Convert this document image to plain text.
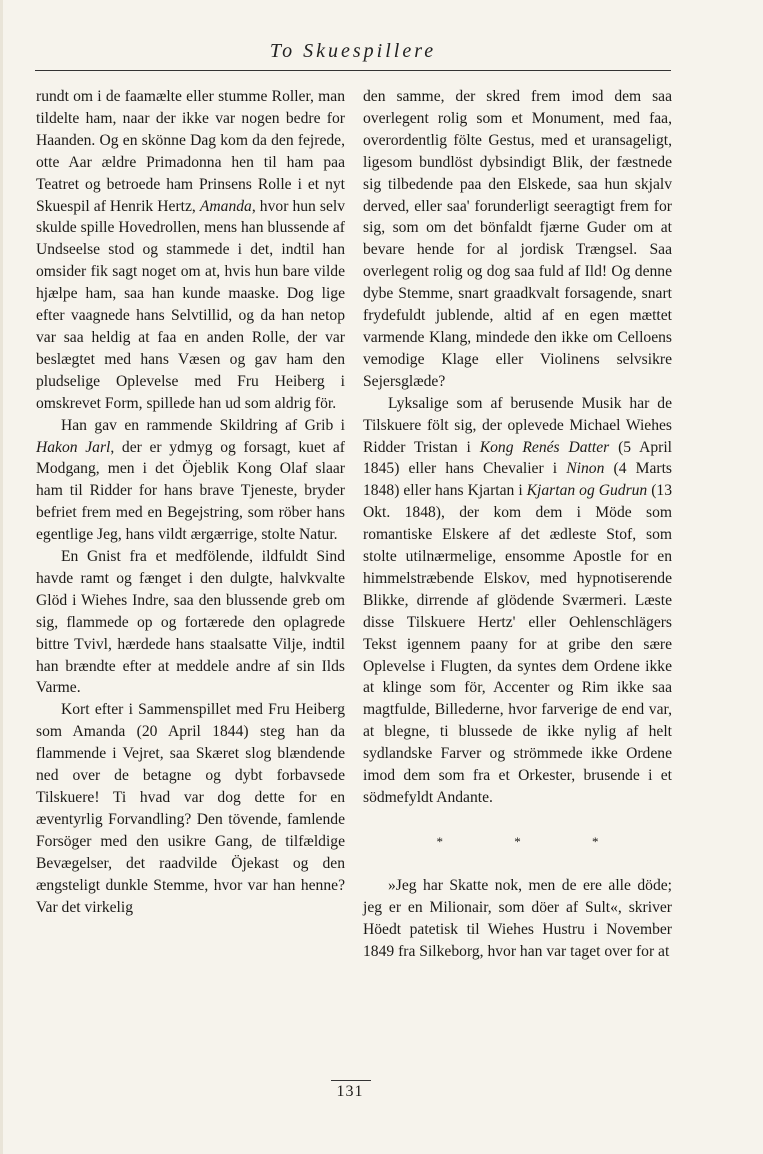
To Skuespillere

rundt om i de faamælte eller stumme Roller, man tildelte ham, naar der ikke var nogen bedre for Haanden. Og en skönne Dag kom da den fejrede, otte Aar ældre Primadonna hen til ham paa Teatret og betroede ham Prinsens Rolle i et nyt Skuespil af Henrik Hertz, Amanda, hvor hun selv skulde spille Hovedrollen, mens han blussende af Undseelse stod og stammede i det, indtil han omsider fik sagt noget om at, hvis hun bare vilde hjælpe ham, saa han kunde maaske. Dog lige efter vaagnede hans Selvtillid, og da han netop var saa heldig at faa en anden Rolle, der var beslægtet med hans Væsen og gav ham den pludselige Oplevelse med Fru Heiberg i omskrevet Form, spillede han ud som aldrig för.

Han gav en rammende Skildring af Grib i Hakon Jarl, der er ydmyg og forsagt, kuet af Modgang, men i det Öjeblik Kong Olaf slaar ham til Ridder for hans brave Tjeneste, bryder befriet frem med en Begejstring, som röber hans egentlige Jeg, hans vildt ærgærrige, stolte Natur.

En Gnist fra et medfölende, ildfuldt Sind havde ramt og fænget i den dulgte, halvkvalte Glöd i Wiehes Indre, saa den blussende greb om sig, flammede op og fortærede den oplagrede bittre Tvivl, hærdede hans staalsatte Vilje, indtil han brændte efter at meddele andre af sin Ilds Varme.

Kort efter i Sammenspillet med Fru Heiberg som Amanda (20 April 1844) steg han da flammende i Vejret, saa Skæret slog blændende ned over de betagne og dybt forbavsede Tilskuere! Ti hvad var dog dette for en æventyrlig Forvandling? Den tövende, famlende Forsöger med den usikre Gang, de tilfældige Bevægelser, det raadvilde Öjekast og den ængsteligt dunkle Stemme, hvor var han henne? Var det virkelig

den samme, der skred frem imod dem saa overlegent rolig som et Monument, med faa, overordentlig fölte Gestus, med et uransageligt, ligesom bundlöst dybsindigt Blik, der fæstnede sig tilbedende paa den Elskede, saa hun skjalv derved, eller saa' forunderligt seeragtigt frem for sig, som om det bönfaldt fjærne Guder om at bevare hende for al jordisk Trængsel. Saa overlegent rolig og dog saa fuld af Ild! Og denne dybe Stemme, snart graadkvalt forsagende, snart frydefuldt jublende, altid af en egen mættet varmende Klang, mindede den ikke om Celloens vemodige Klage eller Violinens selvsikre Sejersglæde?

Lyksalige som af berusende Musik har de Tilskuere fölt sig, der oplevede Michael Wiehes Ridder Tristan i Kong Renés Datter (5 April 1845) eller hans Chevalier i Ninon (4 Marts 1848) eller hans Kjartan i Kjartan og Gudrun (13 Okt. 1848), der kom dem i Möde som romantiske Elskere af det ædleste Stof, som stolte utilnærmelige, ensomme Apostle for en himmelstræbende Elskov, med hypnotiserende Blikke, dirrende af glödende Sværmeri. Læste disse Tilskuere Hertz' eller Oehlenschlägers Tekst igennem paany for at gribe den sære Oplevelse i Flugten, da syntes dem Ordene ikke at klinge som för, Accenter og Rim ikke saa magtfulde, Billederne, hvor farverige de end var, at blegne, ti blussede de ikke nylig af helt sydlandske Farver og strömmede ikke Ordene imod dem som fra et Orkester, brusende i et södmefyldt Andante.

* * *

»Jeg har Skatte nok, men de ere alle döde; jeg er en Milionair, som döer af Sult«, skriver Höedt patetisk til Wiehes Hustru i November 1849 fra Silkeborg, hvor han var taget over for at

131
